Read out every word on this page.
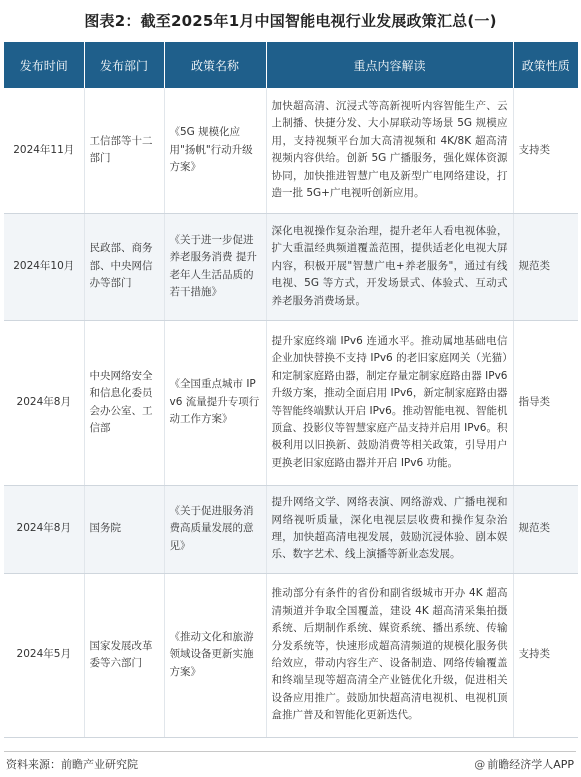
图表2：截至2025年1月中国智能电视行业发展政策汇总(一)
发布时间	发布部门	政策名称	重点内容解读	政策性质
2024年11月	工信部等十二部门	《5G 规模化应用"扬帆"行动升级方案》	加快超高清、沉浸式等高新视听内容智能生产、云上制播、快捷分发、大小屏联动等场景 5G 规模应用，支持视频平台加大高清视频和 4K/8K 超高清视频内容供给。创新 5G 广播服务，强化媒体资源协同，加快推进智慧广电及新型广电网络建设，打造一批 5G+广电视听创新应用。	支持类
2024年10月	民政部、商务部、中央网信办等部门	《关于进一步促进养老服务消费 提升老年人生活品质的若干措施》	深化电视操作复杂治理，提升老年人看电视体验，扩大重温经典频道覆盖范围，提供适老化电视大屏内容，积极开展"智慧广电+养老服务"，通过有线电视、5G 等方式，开发场景式、体验式、互动式养老服务消费场景。	规范类
2024年8月	中央网络安全和信息化委员会办公室、工信部	《全国重点城市 IPv6 流量提升专项行动工作方案》	提升家庭终端 IPv6 连通水平。推动属地基础电信企业加快替换不支持 IPv6 的老旧家庭网关（光猫）和定制家庭路由器，制定存量定制家庭路由器 IPv6 升级方案，推动全面启用 IPv6，新定制家庭路由器等智能终端默认开启 IPv6。推动智能电视、智能机顶盒、投影仪等智慧家庭产品支持并启用 IPv6。积极利用以旧换新、鼓励消费等相关政策，引导用户更换老旧家庭路由器并开启 IPv6 功能。	指导类
2024年8月	国务院	《关于促进服务消费高质量发展的意见》	提升网络文学、网络表演、网络游戏、广播电视和网络视听质量，深化电视层层收费和操作复杂治理，加快超高清电视发展，鼓励沉浸体验、剧本娱乐、数字艺术、线上演播等新业态发展。	规范类
2024年5月	国家发展改革委等六部门	《推动文化和旅游领域设备更新实施方案》	推动部分有条件的省份和副省级城市开办 4K 超高清频道并争取全国覆盖，建设 4K 超高清采集拍摄系统、后期制作系统、媒资系统、播出系统、传输分发系统等，快速形成超高清频道的规模化服务供给效应，带动内容生产、设备制造、网络传输覆盖和终端呈现等超高清全产业链优化升级，促进相关设备应用推广。鼓励加快超高清电视机、电视机顶盒推广普及和智能化更新迭代。	支持类
资料来源：前瞻产业研究院	@ 前瞻经济学人APP
